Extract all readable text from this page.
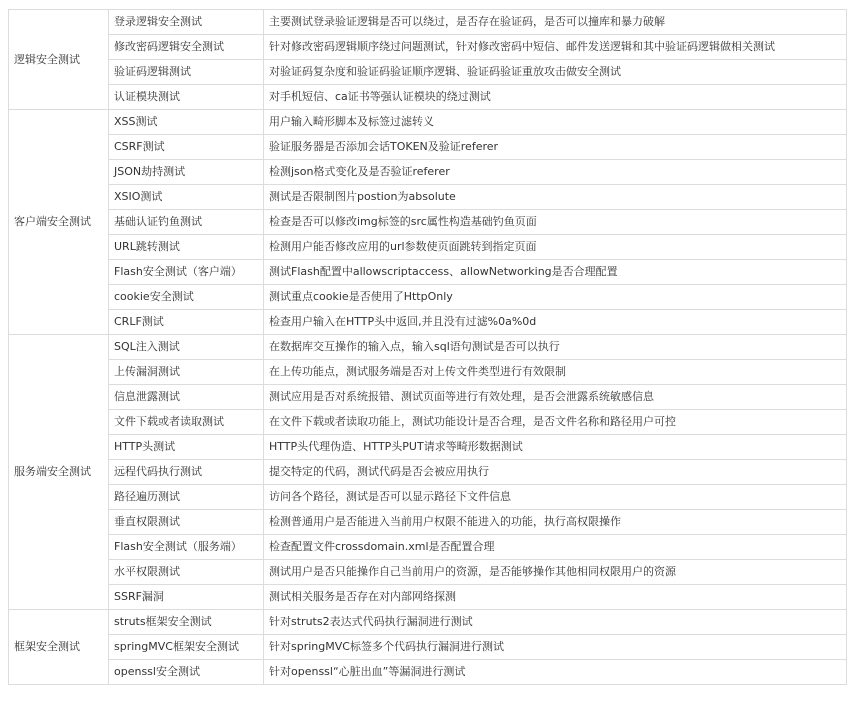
逻辑安全测试	登录逻辑安全测试	主要测试登录验证逻辑是否可以绕过，是否存在验证码，是否可以撞库和暴力破解
	修改密码逻辑安全测试	针对修改密码逻辑顺序绕过问题测试，针对修改密码中短信、邮件发送逻辑和其中验证码逻辑做相关测试
	验证码逻辑测试	对验证码复杂度和验证码验证顺序逻辑、验证码验证重放攻击做安全测试
	认证模块测试	对手机短信、ca证书等强认证模块的绕过测试
客户端安全测试	XSS测试	用户输入畸形脚本及标签过滤转义
	CSRF测试	验证服务器是否添加会话TOKEN及验证referer
	JSON劫持测试	检测json格式变化及是否验证referer
	XSIO测试	测试是否限制图片postion为absolute
	基础认证钓鱼测试	检查是否可以修改img标签的src属性构造基础钓鱼页面
	URL跳转测试	检测用户能否修改应用的url参数使页面跳转到指定页面
	Flash安全测试（客户端）	测试Flash配置中allowscriptaccess、allowNetworking是否合理配置
	cookie安全测试	测试重点cookie是否使用了HttpOnly
	CRLF测试	检查用户输入在HTTP头中返回,并且没有过滤%0a%0d
服务端安全测试	SQL注入测试	在数据库交互操作的输入点，输入sql语句测试是否可以执行
	上传漏洞测试	在上传功能点，测试服务端是否对上传文件类型进行有效限制
	信息泄露测试	测试应用是否对系统报错、测试页面等进行有效处理，是否会泄露系统敏感信息
	文件下载或者读取测试	在文件下载或者读取功能上，测试功能设计是否合理，是否文件名称和路径用户可控
	HTTP头测试	HTTP头代理伪造、HTTP头PUT请求等畸形数据测试
	远程代码执行测试	提交特定的代码，测试代码是否会被应用执行
	路径遍历测试	访问各个路径，测试是否可以显示路径下文件信息
	垂直权限测试	检测普通用户是否能进入当前用户权限不能进入的功能，执行高权限操作
	Flash安全测试（服务端）	检查配置文件crossdomain.xml是否配置合理
	水平权限测试	测试用户是否只能操作自己当前用户的资源，是否能够操作其他相同权限用户的资源
	SSRF漏洞	测试相关服务是否存在对内部网络探测
框架安全测试	struts框架安全测试	针对struts2表达式代码执行漏洞进行测试
	springMVC框架安全测试	针对springMVC标签多个代码执行漏洞进行测试
	openssl安全测试	针对openssl“心脏出血”等漏洞进行测试
